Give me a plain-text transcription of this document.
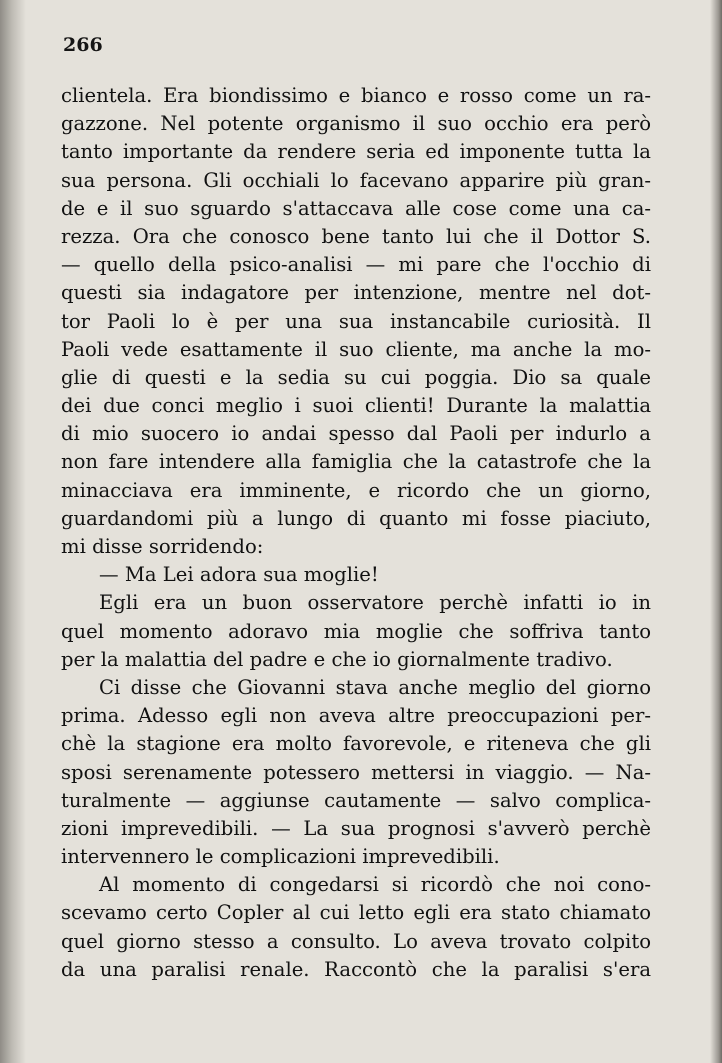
266

clientela. Era biondissimo e bianco e rosso come un ra-
gazzone. Nel potente organismo il suo occhio era però
tanto importante da rendere seria ed imponente tutta la
sua persona. Gli occhiali lo facevano apparire più gran-
de e il suo sguardo s'attaccava alle cose come una ca-
rezza. Ora che conosco bene tanto lui che il Dottor S.
— quello della psico-analisi — mi pare che l'occhio di
questi sia indagatore per intenzione, mentre nel dot-
tor Paoli lo è per una sua instancabile curiosità. Il
Paoli vede esattamente il suo cliente, ma anche la mo-
glie di questi e la sedia su cui poggia. Dio sa quale
dei due conci meglio i suoi clienti! Durante la malattia
di mio suocero io andai spesso dal Paoli per indurlo a
non fare intendere alla famiglia che la catastrofe che la
minacciava era imminente, e ricordo che un giorno,
guardandomi più a lungo di quanto mi fosse piaciuto,
mi disse sorridendo:
— Ma Lei adora sua moglie!
Egli era un buon osservatore perchè infatti io in
quel momento adoravo mia moglie che soffriva tanto
per la malattia del padre e che io giornalmente tradivo.
Ci disse che Giovanni stava anche meglio del giorno
prima. Adesso egli non aveva altre preoccupazioni per-
chè la stagione era molto favorevole, e riteneva che gli
sposi serenamente potessero mettersi in viaggio. — Na-
turalmente — aggiunse cautamente — salvo complica-
zioni imprevedibili. — La sua prognosi s'avverò perchè
intervennero le complicazioni imprevedibili.
Al momento di congedarsi si ricordò che noi cono-
scevamo certo Copler al cui letto egli era stato chiamato
quel giorno stesso a consulto. Lo aveva trovato colpito
da una paralisi renale. Raccontò che la paralisi s'era
